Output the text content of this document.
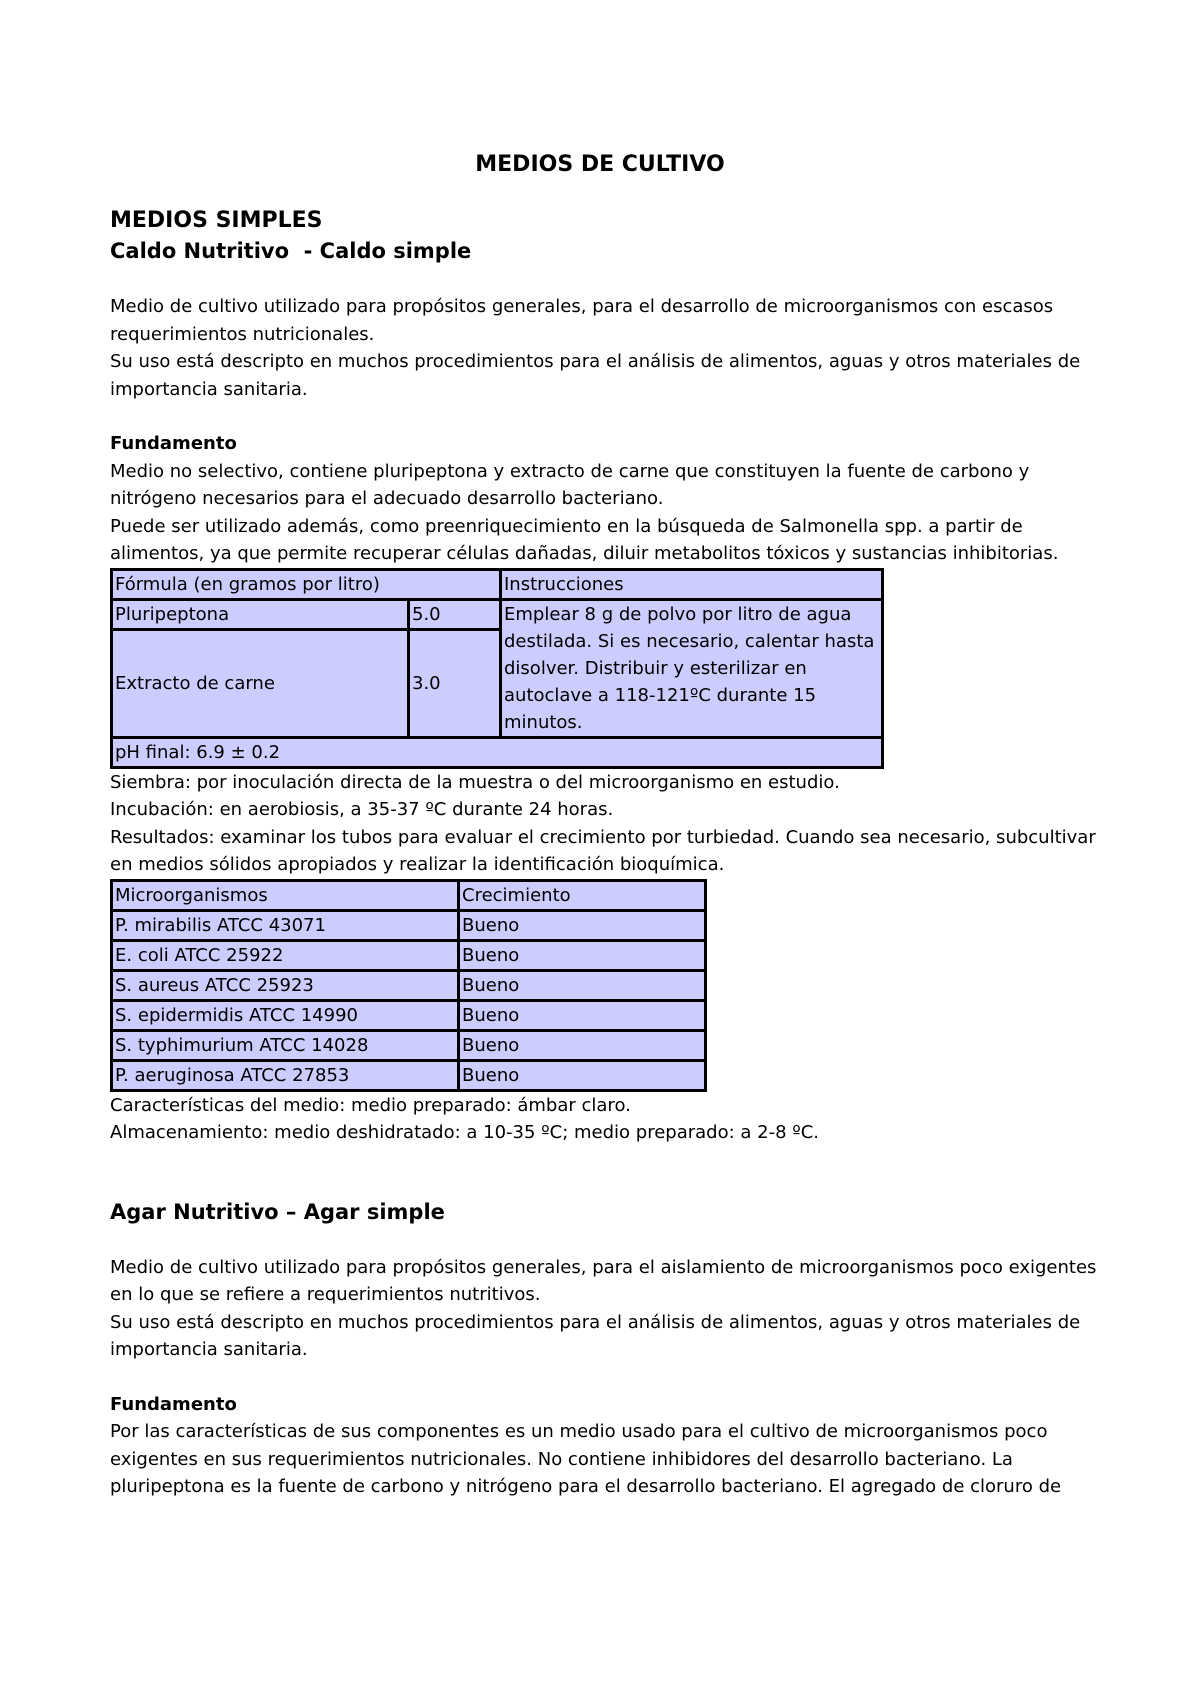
MEDIOS DE CULTIVO
MEDIOS SIMPLES
Caldo Nutritivo  - Caldo simple

Medio de cultivo utilizado para propósitos generales, para el desarrollo de microorganismos con escasos requerimientos nutricionales.

Su uso está descripto en muchos procedimientos para el análisis de alimentos, aguas y otros materiales de importancia sanitaria.

Fundamento

Medio no selectivo, contiene pluripeptona y extracto de carne que constituyen la fuente de carbono y nitrógeno necesarios para el adecuado desarrollo bacteriano.

Puede ser utilizado además, como preenriquecimiento en la búsqueda de Salmonella spp. a partir de alimentos, ya que permite recuperar células dañadas, diluir metabolitos tóxicos y sustancias inhibitorias.

Fórmula (en gramos por litro)		Instrucciones
Pluripeptona	5.0	Emplear 8 g de polvo por litro de agua destilada. Si es necesario, calentar hasta disolver. Distribuir y esterilizar en autoclave a 118-121ºC durante 15 minutos.
Extracto de carne	3.0	
pH final: 6.9 ± 0.2		

Siembra: por inoculación directa de la muestra o del microorganismo en estudio.

Incubación: en aerobiosis, a 35-37 ºC durante 24 horas.

Resultados: examinar los tubos para evaluar el crecimiento por turbiedad. Cuando sea necesario, subcultivar en medios sólidos apropiados y realizar la identificación bioquímica.

Microorganismos	Crecimiento
P. mirabilis ATCC 43071	Bueno
E. coli ATCC 25922	Bueno
S. aureus ATCC 25923	Bueno
S. epidermidis ATCC 14990	Bueno
S. typhimurium ATCC 14028	Bueno
P. aeruginosa ATCC 27853	Bueno

Características del medio: medio preparado: ámbar claro.

Almacenamiento: medio deshidratado: a 10-35 ºC; medio preparado: a 2-8 ºC.

Agar Nutritivo – Agar simple

Medio de cultivo utilizado para propósitos generales, para el aislamiento de microorganismos poco exigentes en lo que se refiere a requerimientos nutritivos.

Su uso está descripto en muchos procedimientos para el análisis de alimentos, aguas y otros materiales de importancia sanitaria.

Fundamento

Por las características de sus componentes es un medio usado para el cultivo de microorganismos poco exigentes en sus requerimientos nutricionales. No contiene inhibidores del desarrollo bacteriano. La pluripeptona es la fuente de carbono y nitrógeno para el desarrollo bacteriano. El agregado de cloruro de
